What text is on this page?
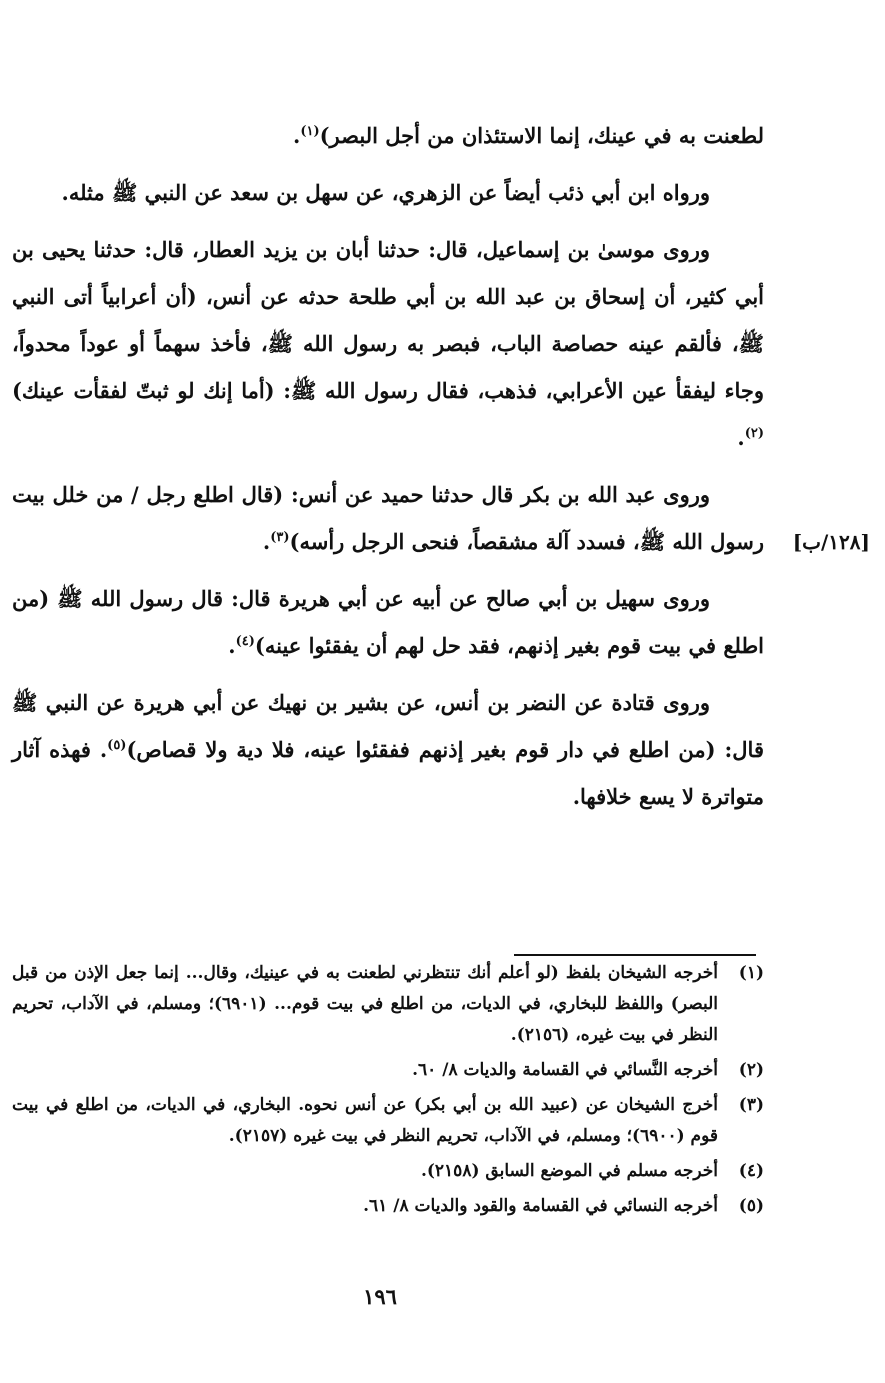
لطعنت به في عينك، إنما الاستئذان من أجل البصر)$^{(١)}$.

ورواه ابن أبي ذئب أيضاً عن الزهري، عن سهل بن سعد عن النبي ﷺ مثله.

وروى موسىٰ بن إسماعيل، قال: حدثنا أبان بن يزيد العطار، قال: حدثنا يحيى بن أبي كثير، أن إسحاق بن عبد الله بن أبي طلحة حدثه عن أنس، (أن أعرابياً أتى النبي ﷺ، فألقم عينه حصاصة الباب، فبصر به رسول الله ﷺ، فأخذ سهماً أو عوداً محدواً، وجاء ليفقأ عين الأعرابي، فذهب، فقال رسول الله ﷺ: (أما إنك لو ثبتّ لفقأت عينك)$^{(٢)}$.

وروى عبد الله بن بكر قال حدثنا حميد عن أنس: (قال اطلع رجل / من خلل بيت رسول الله ﷺ، فسدد آلة مشقصاً، فنحى الرجل رأسه)$^{(٣)}$.

وروى سهيل بن أبي صالح عن أبيه عن أبي هريرة قال: قال رسول الله ﷺ (من اطلع في بيت قوم بغير إذنهم، فقد حل لهم أن يفقئوا عينه)$^{(٤)}$.

وروى قتادة عن النضر بن أنس، عن بشير بن نهيك عن أبي هريرة عن النبي ﷺ قال: (من اطلع في دار قوم بغير إذنهم ففقئوا عينه، فلا دية ولا قصاص)$^{(٥)}$. فهذه آثار متواترة لا يسع خلافها.

[١٢٨/ب]
(١)
أخرجه الشيخان بلفظ (لو أعلم أنك تنتظرني لطعنت به في عينيك، وقال... إنما جعل الإذن من قبل البصر) واللفظ للبخاري، في الديات، من اطلع في بيت قوم... (٦٩٠١)؛ ومسلم، في الآداب، تحريم النظر في بيت غيره، (٢١٥٦).
(٢)
أخرجه النَّسائي في القسامة والديات ٨/ ٦٠.
(٣)
أخرج الشيخان عن (عبيد الله بن أبي بكر) عن أنس نحوه. البخاري، في الديات، من اطلع في بيت قوم (٦٩٠٠)؛ ومسلم، في الآداب، تحريم النظر في بيت غيره (٢١٥٧).
(٤)
أخرجه مسلم في الموضع السابق (٢١٥٨).
(٥)
أخرجه النسائي في القسامة والقود والديات ٨/ ٦١.
١٩٦
